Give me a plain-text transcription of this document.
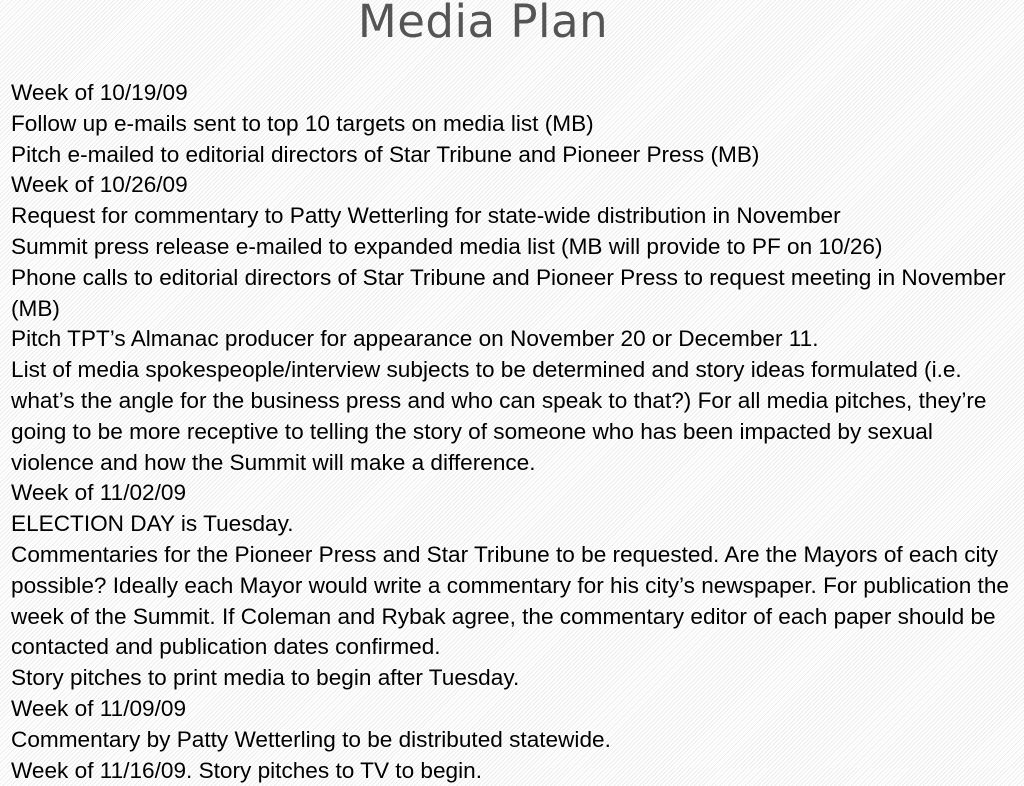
Media Plan

Week of 10/19/09

Follow up e-mails sent to top 10 targets on media list (MB)

Pitch e-mailed to editorial directors of Star Tribune and Pioneer Press (MB)

Week of 10/26/09

Request for commentary to Patty Wetterling for state-wide distribution in November

Summit press release e-mailed to expanded media list (MB will provide to PF on 10/26)

Phone calls to editorial directors of Star Tribune and Pioneer Press to request meeting in November (MB)

Pitch TPT’s Almanac producer for appearance on November 20 or December 11.

List of media spokespeople/interview subjects to be determined and story ideas formulated (i.e. what’s the angle for the business press and who can speak to that?) For all media pitches, they’re going to be more receptive to telling the story of someone who has been impacted by sexual violence and how the Summit will make a difference.

Week of 11/02/09

ELECTION DAY is Tuesday.

Commentaries for the Pioneer Press and Star Tribune to be requested. Are the Mayors of each city possible? Ideally each Mayor would write a commentary for his city’s newspaper. For publication the week of the Summit. If Coleman and Rybak agree, the commentary editor of each paper should be contacted and publication dates confirmed.

Story pitches to print media to begin after Tuesday.

Week of 11/09/09

Commentary by Patty Wetterling to be distributed statewide.

Week of 11/16/09. Story pitches to TV to begin.
